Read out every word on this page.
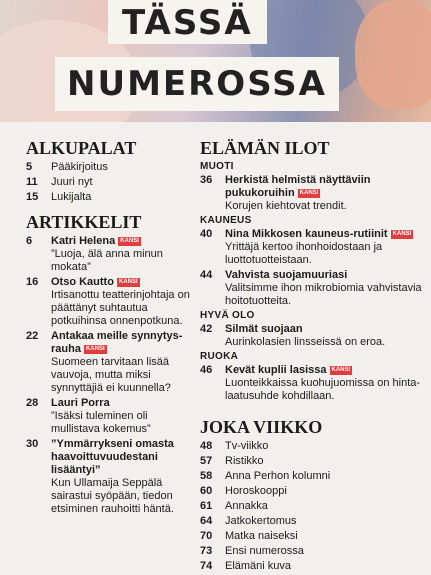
TÄSSÄ
NUMEROSSA
ALKUPALAT
5	Pääkirjoitus
11	Juuri nyt
15	Lukijalta
ARTIKKELIT
6	Katri Helena KANSI
”Luoja, älä anna minun mokata”
16	Otso Kautto KANSI
Irtisanottu teatterinjohtaja on päättänyt suhtautua potkuihinsa onnenpotkuna.
22	Antakaa meille synnytys-rauha KANSI
Suomeen tarvitaan lisää vauvoja, mutta miksi synnyttäjiä ei kuunnella?
28	Lauri Porra
”Isäksi tuleminen oli mullistava kokemus”
30	”Ymmärrykseni omasta haavoittuvuudestani lisääntyi”
Kun Ullamaija Seppälä sairastui syöpään, tiedon etsiminen rauhoitti häntä.
ELÄMÄN ILOT
MUOTI
36	Herkistä helmistä näyttäviin pukukoruihin KANSI
Korujen kiehtovat trendit.
KAUNEUS
40	Nina Mikkosen kauneus-rutiinit KANSI
Yrittäjä kertoo ihonhoidostaan ja luottotuotteistaan.
44	Vahvista suojamuuriasi
Valitsimme ihon mikrobiomia vahvistavia hoitotuotteita.
HYVÄ OLO
42	Silmät suojaan
Aurinkolasien linsseissä on eroa.
RUOKA
46	Kevät kuplii lasissa KANSI
Luonteikkaissa kuohujuomissa on hinta-laatusuhde kohdillaan.
JOKA VIIKKO
48	Tv-viikko
57	Ristikko
58	Anna Perhon kolumni
60	Horoskooppi
61	Annakka
64	Jatkokertomus
70	Matka naiseksi
73	Ensi numerossa
74	Elämäni kuva
